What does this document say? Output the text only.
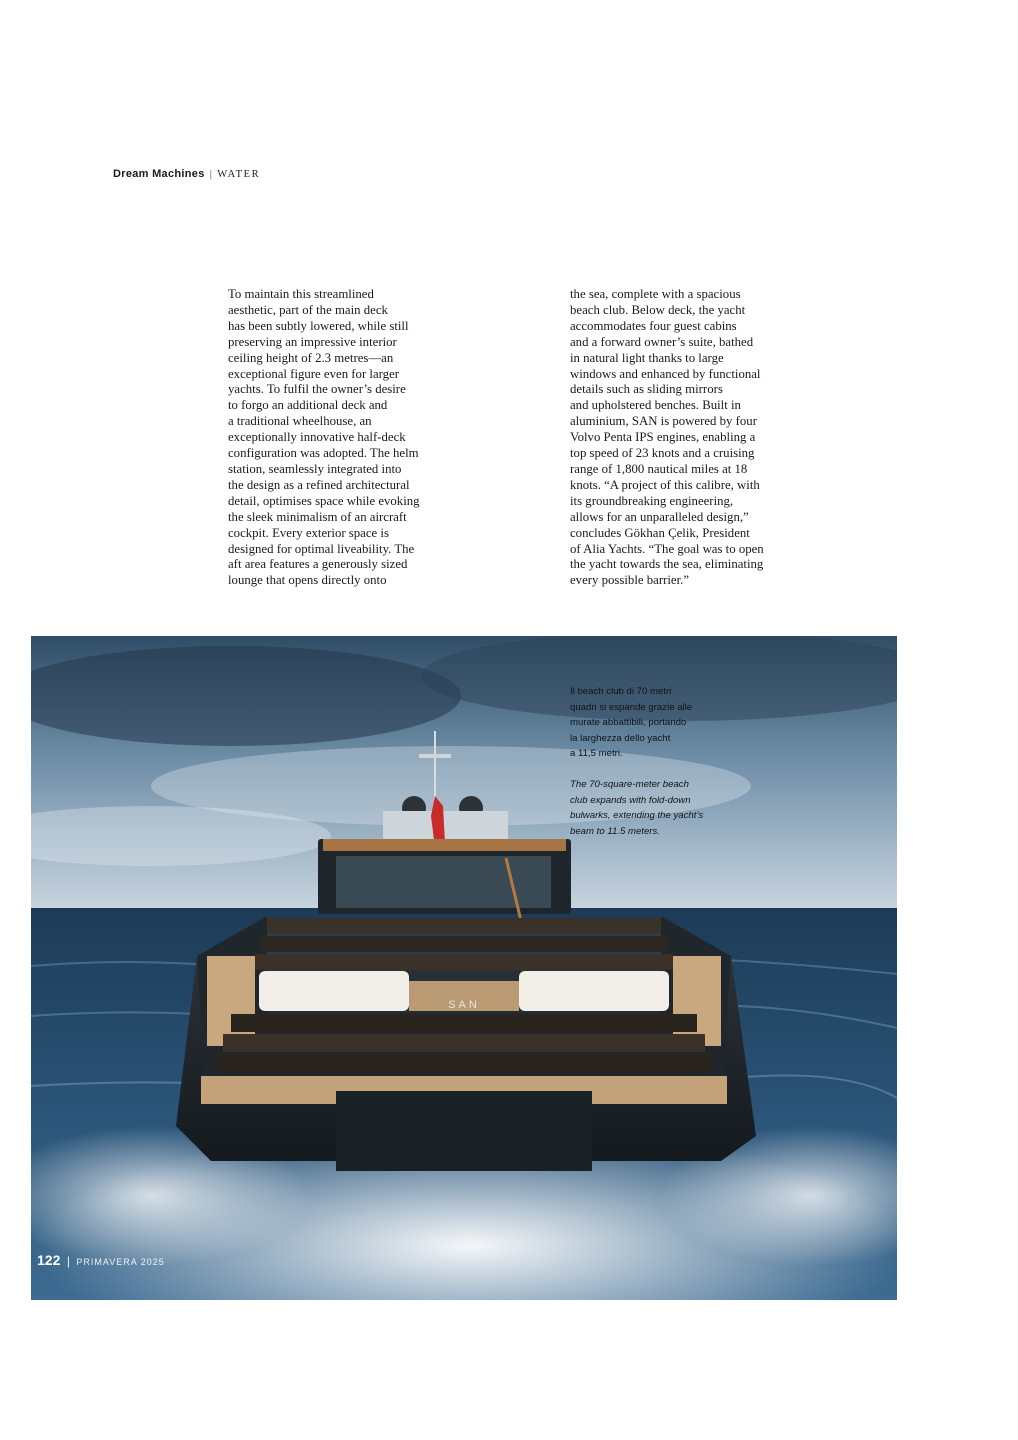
Dream Machines | WATER
To maintain this streamlined
aesthetic, part of the main deck
has been subtly lowered, while still
preserving an impressive interior
ceiling height of 2.3 metres—an
exceptional figure even for larger
yachts. To fulfil the owner’s desire
to forgo an additional deck and
a traditional wheelhouse, an
exceptionally innovative half-deck
configuration was adopted. The helm
station, seamlessly integrated into
the design as a refined architectural
detail, optimises space while evoking
the sleek minimalism of an aircraft
cockpit. Every exterior space is
designed for optimal liveability. The
aft area features a generously sized
lounge that opens directly onto
the sea, complete with a spacious
beach club. Below deck, the yacht
accommodates four guest cabins
and a forward owner’s suite, bathed
in natural light thanks to large
windows and enhanced by functional
details such as sliding mirrors
and upholstered benches. Built in
aluminium, SAN is powered by four
Volvo Penta IPS engines, enabling a
top speed of 23 knots and a cruising
range of 1,800 nautical miles at 18
knots. “A project of this calibre, with
its groundbreaking engineering,
allows for an unparalleled design,”
concludes Gökhan Çelik, President
of Alia Yachts. “The goal was to open
the yacht towards the sea, eliminating
every possible barrier.”
SAN
Il beach club di 70 metri
quadri si espande grazie alle
murate abbattibili, portando
la larghezza dello yacht
a 11,5 metri.
The 70-square-meter beach
club expands with fold-down
bulwarks, extending the yacht’s
beam to 11.5 meters.
122 | PRIMAVERA 2025
